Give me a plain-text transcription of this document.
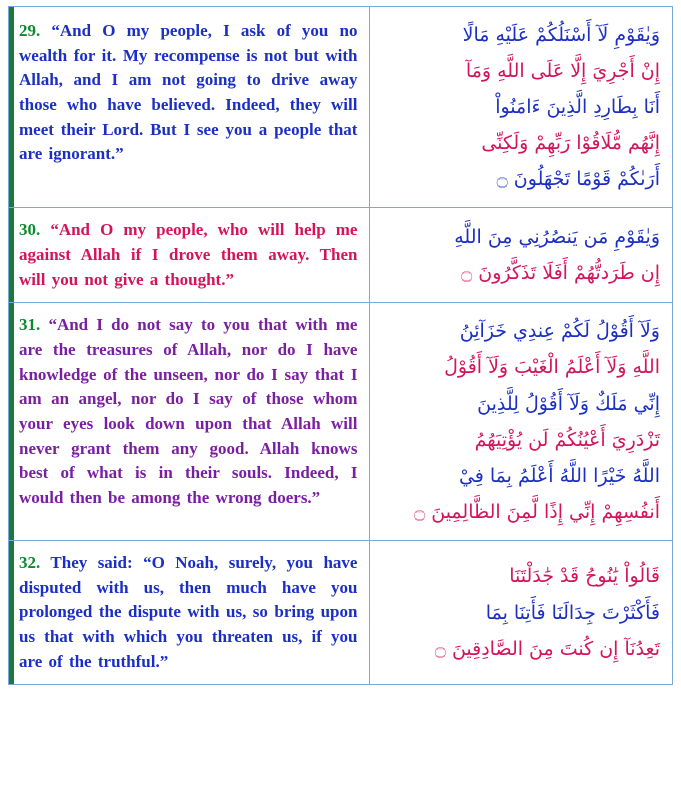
29. “And O my people, I ask of you no wealth for it. My recompense is not but with Allah, and I am not going to drive away those who have believed. Indeed, they will meet their Lord. But I see you a people that are ignorant.”
وَيٰقَوْمِ لَآ أَسْنَلُكُمْ عَلَيْهِ مَالًا
إِنْ أَجْرِيَ إِلَّا عَلَى اللَّهِ وَمَآ
أَنَا بِطَارِدِ الَّذِينَ ءَامَنُواْ
إِنَّهُم مُّلَاقُوْا رَبِّهِمْ وَلَكِنِّى
أَرَىٰكُمْ قَوْمًا تَجْهَلُونَ ۝
30. “And O my people, who will help me against Allah if I drove them away. Then will you not give a thought.”
وَيٰقَوْمِ مَن يَنصُرُنِي مِنَ اللَّهِ
إِن طَرَدتُّهُمْ أَفَلَا تَذَكَّرُونَ ۝
31. “And I do not say to you that with me are the treasures of Allah, nor do I have knowledge of the unseen, nor do I say that I am an angel, nor do I say of those whom your eyes look down upon that Allah will never grant them any good. Allah knows best of what is in their souls. Indeed, I would then be among the wrong doers.”
وَلَآ أَقُوْلُ لَكُمْ عِندِي خَزَآئِنُ
اللَّهِ وَلَآ أَعْلَمُ الْغَيْبَ وَلَآ أَقُوْلُ
إِنِّي مَلَكٌ وَلَآ أَقُوْلُ لِلَّذِينَ
تَزْدَرِيَ أَعْيُنُكُمْ لَن يُؤْتِيَهُمُ
اللَّهُ خَيْرًا اللَّهُ أَعْلَمُ بِمَا فِيْ
أَنفُسِهِمْ إِنِّي إِذًا لَّمِنَ الظَّالِمِينَ ۝
32. They said: “O Noah, surely, you have disputed with us, then much have you prolonged the dispute with us, so bring upon us that with which you threaten us, if you are of the truthful.”
قَالُواْ يَٰنُوحُ قَدْ جَٰدَلْتَنَا
فَأَكْثَرْتَ جِدَالَنَا فَأَتِنَا بِمَا
تَعِدُنَآ إِن كُنتَ مِنَ الصَّادِقِينَ ۝
